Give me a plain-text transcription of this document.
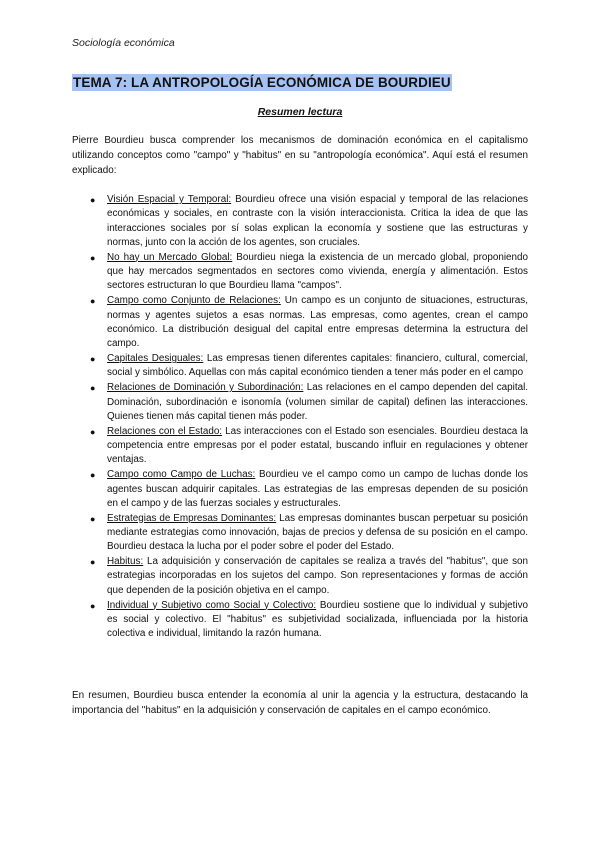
Sociología económica
TEMA 7: LA ANTROPOLOGÍA ECONÓMICA DE BOURDIEU
Resumen lectura

Pierre Bourdieu busca comprender los mecanismos de dominación económica en el capitalismo utilizando conceptos como "campo" y "habitus" en su "antropología económica". Aquí está el resumen explicado:

● Visión Espacial y Temporal: Bourdieu ofrece una visión espacial y temporal de las relaciones económicas y sociales, en contraste con la visión interaccionista. Critica la idea de que las interacciones sociales por sí solas explican la economía y sostiene que las estructuras y normas, junto con la acción de los agentes, son cruciales.
● No hay un Mercado Global: Bourdieu niega la existencia de un mercado global, proponiendo que hay mercados segmentados en sectores como vivienda, energía y alimentación. Estos sectores estructuran lo que Bourdieu llama "campos".
● Campo como Conjunto de Relaciones: Un campo es un conjunto de situaciones, estructuras, normas y agentes sujetos a esas normas. Las empresas, como agentes, crean el campo económico. La distribución desigual del capital entre empresas determina la estructura del campo.
● Capitales Desiguales: Las empresas tienen diferentes capitales: financiero, cultural, comercial, social y simbólico. Aquellas con más capital económico tienden a tener más poder en el campo
● Relaciones de Dominación y Subordinación: Las relaciones en el campo dependen del capital. Dominación, subordinación e isonomía (volumen similar de capital) definen las interacciones. Quienes tienen más capital tienen más poder.
● Relaciones con el Estado: Las interacciones con el Estado son esenciales. Bourdieu destaca la competencia entre empresas por el poder estatal, buscando influir en regulaciones y obtener ventajas.
● Campo como Campo de Luchas: Bourdieu ve el campo como un campo de luchas donde los agentes buscan adquirir capitales. Las estrategias de las empresas dependen de su posición en el campo y de las fuerzas sociales y estructurales.
● Estrategias de Empresas Dominantes: Las empresas dominantes buscan perpetuar su posición mediante estrategias como innovación, bajas de precios y defensa de su posición en el campo. Bourdieu destaca la lucha por el poder sobre el poder del Estado.
● Habitus: La adquisición y conservación de capitales se realiza a través del "habitus", que son estrategias incorporadas en los sujetos del campo. Son representaciones y formas de acción que dependen de la posición objetiva en el campo.
● Individual y Subjetivo como Social y Colectivo: Bourdieu sostiene que lo individual y subjetivo es social y colectivo. El "habitus" es subjetividad socializada, influenciada por la historia colectiva e individual, limitando la razón humana.

En resumen, Bourdieu busca entender la economía al unir la agencia y la estructura, destacando la importancia del "habitus" en la adquisición y conservación de capitales en el campo económico.
